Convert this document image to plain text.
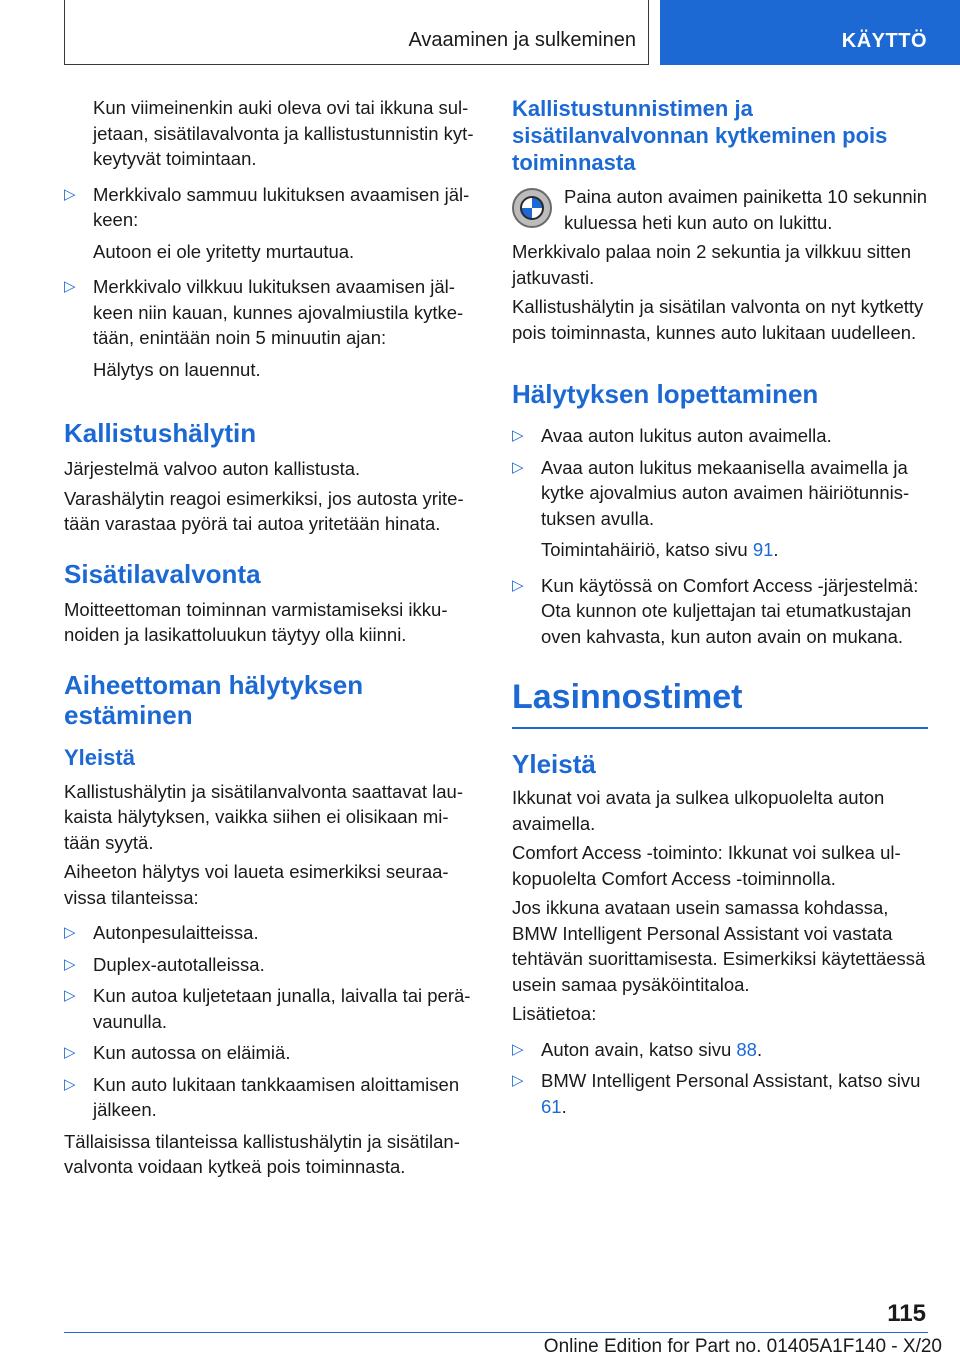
Avaaminen ja sulkeminen	KÄYTTÖ

Kun viimeinenkin auki oleva ovi tai ikkuna suljetaan, sisätilavalvonta ja kallistustunnistin kytkeytyvät toimintaan.

▷ Merkkivalo sammuu lukituksen avaamisen jälkeen:

Autoon ei ole yritetty murtautua.

▷ Merkkivalo vilkkuu lukituksen avaamisen jälkeen niin kauan, kunnes ajovalmiustila kytketään, enintään noin 5 minuutin ajan:

Hälytys on lauennut.

Kallistushälytin

Järjestelmä valvoo auton kallistusta.

Varashälytin reagoi esimerkiksi, jos autosta yritetään varastaa pyörä tai autoa yritetään hinata.

Sisätilavalvonta

Moitteettoman toiminnan varmistamiseksi ikkunoiden ja lasikattoluukun täytyy olla kiinni.

Aiheettoman hälytyksen estäminen
Yleistä

Kallistushälytin ja sisätilanvalvonta saattavat laukaista hälytyksen, vaikka siihen ei olisikaan mitään syytä.

Aiheeton hälytys voi laueta esimerkiksi seuraavissa tilanteissa:

▷ Autonpesulaitteissa.
▷ Duplex-autotalleissa.
▷ Kun autoa kuljetetaan junalla, laivalla tai perävaunulla.
▷ Kun autossa on eläimiä.
▷ Kun auto lukitaan tankkaamisen aloittamisen jälkeen.

Tällaisissa tilanteissa kallistushälytin ja sisätilanvalvonta voidaan kytkeä pois toiminnasta.

Kallistustunnistimen ja sisätilanvalvonnan kytkeminen pois toiminnasta

Paina auton avaimen painiketta 10 sekunnin kuluessa heti kun auto on lukittu.

Merkkivalo palaa noin 2 sekuntia ja vilkkuu sitten jatkuvasti.

Kallistushälytin ja sisätilan valvonta on nyt kytketty pois toiminnasta, kunnes auto lukitaan uudelleen.

Hälytyksen lopettaminen
▷ Avaa auton lukitus auton avaimella.
▷ Avaa auton lukitus mekaanisella avaimella ja kytke ajovalmius auton avaimen häiriötunnistuksen avulla.

Toimintahäiriö, katso sivu 91.

▷ Kun käytössä on Comfort Access -järjestelmä: Ota kunnon ote kuljettajan tai etumatkustajan oven kahvasta, kun auton avain on mukana.
Lasinnostimet
Yleistä

Ikkunat voi avata ja sulkea ulkopuolelta auton avaimella.

Comfort Access -toiminto: Ikkunat voi sulkea ulkopuolelta Comfort Access -toiminnolla.

Jos ikkuna avataan usein samassa kohdassa, BMW Intelligent Personal Assistant voi vastata tehtävän suorittamisesta. Esimerkiksi käytettäessä usein samaa pysäköintitaloa.

Lisätietoa:

▷ Auton avain, katso sivu 88.
▷ BMW Intelligent Personal Assistant, katso sivu 61.
115
Online Edition for Part no. 01405A1F140 - X/20
